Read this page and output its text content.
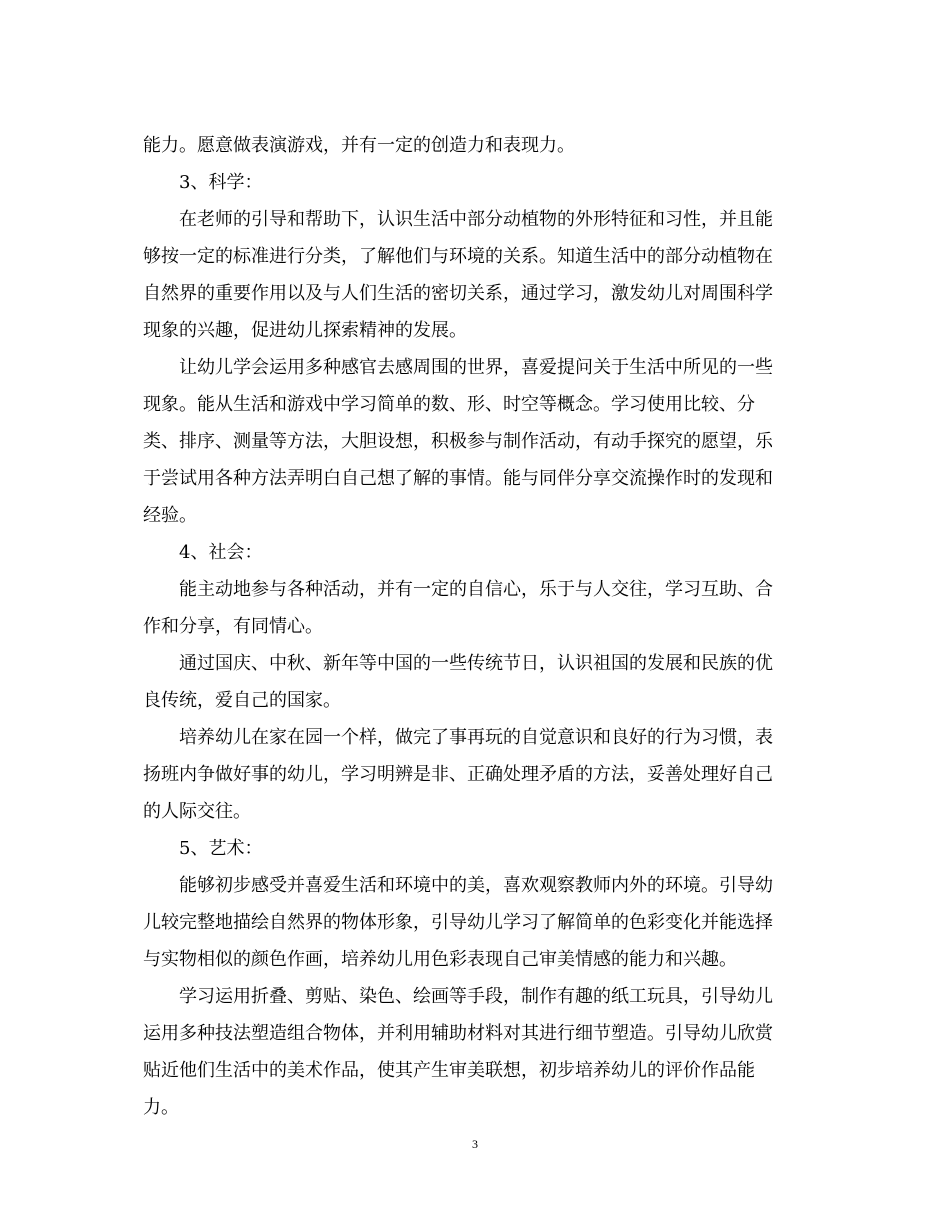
能力。愿意做表演游戏，并有一定的创造力和表现力。
3、科学：
在老师的引导和帮助下，认识生活中部分动植物的外形特征和习性，并且能
够按一定的标准进行分类，了解他们与环境的关系。知道生活中的部分动植物在
自然界的重要作用以及与人们生活的密切关系，通过学习，激发幼儿对周围科学
现象的兴趣，促进幼儿探索精神的发展。
让幼儿学会运用多种感官去感周围的世界，喜爱提问关于生活中所见的一些
现象。能从生活和游戏中学习简单的数、形、时空等概念。学习使用比较、分
类、排序、测量等方法，大胆设想，积极参与制作活动，有动手探究的愿望，乐
于尝试用各种方法弄明白自己想了解的事情。能与同伴分享交流操作时的发现和
经验。
4、社会：
能主动地参与各种活动，并有一定的自信心，乐于与人交往，学习互助、合
作和分享，有同情心。
通过国庆、中秋、新年等中国的一些传统节日，认识祖国的发展和民族的优
良传统，爱自己的国家。
培养幼儿在家在园一个样，做完了事再玩的自觉意识和良好的行为习惯，表
扬班内争做好事的幼儿，学习明辨是非、正确处理矛盾的方法，妥善处理好自己
的人际交往。
5、艺术：
能够初步感受并喜爱生活和环境中的美，喜欢观察教师内外的环境。引导幼
儿较完整地描绘自然界的物体形象，引导幼儿学习了解简单的色彩变化并能选择
与实物相似的颜色作画，培养幼儿用色彩表现自己审美情感的能力和兴趣。
学习运用折叠、剪贴、染色、绘画等手段，制作有趣的纸工玩具，引导幼儿
运用多种技法塑造组合物体，并利用辅助材料对其进行细节塑造。引导幼儿欣赏
贴近他们生活中的美术作品，使其产生审美联想，初步培养幼儿的评价作品能
力。
3
